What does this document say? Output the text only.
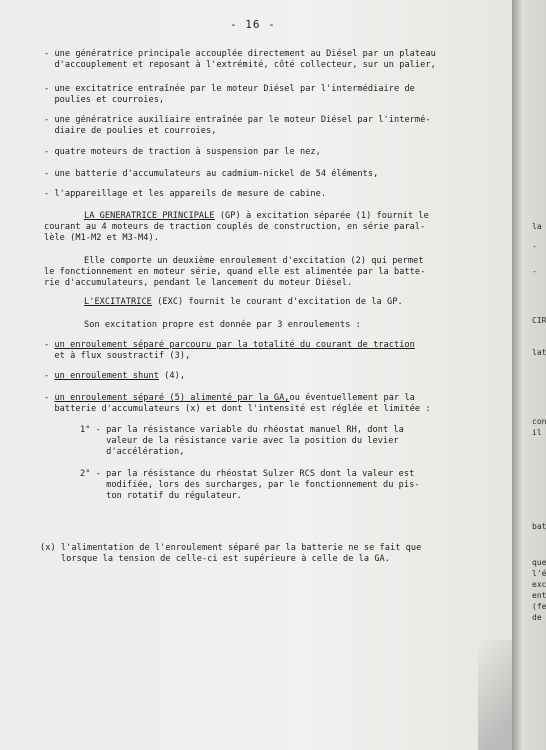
- 16 -
- une génératrice principale accouplée directement au Diésel par un plateau
d'accouplement et reposant à l'extrémité, côté collecteur, sur un palier,
- une excitatrice entraînée par le moteur Diésel par l'intermédiaire de
poulies et courroies,
- une génératrice auxiliaire entraînée par le moteur Diésel par l'intermé-
diaire de poulies et courroies,
- quatre moteurs de traction à suspension par le nez,
- une batterie d'accumulateurs au cadmium-nickel de 54 éléments,
- l'appareillage et les appareils de mesure de cabine.
LA GENERATRICE PRINCIPALE (GP) à excitation séparée (1) fournit le
courant au 4 moteurs de traction couplés de construction, en série paral-
lèle (M1-M2 et M3-M4).
Elle comporte un deuxième enroulement d'excitation (2) qui permet
le fonctionnement en moteur série, quand elle est alimentée par la batte-
rie d'accumulateurs, pendant le lancement du moteur Diésel.
L'EXCITATRICE (EXC) fournit le courant d'excitation de la GP.
Son excitation propre est donnée par 3 enroulements :
- un enroulement séparé parcouru par la totalité du courant de traction
et à flux soustractif (3),
- un enroulement shunt (4),
- un enroulement séparé (5) alimenté par la GA,ou éventuellement par la
batterie d'accumulateurs (x) et dont l'intensité est réglée et limitée :
1° - par la résistance variable du rhéostat manuel RH, dont la
valeur de la résistance varie avec la position du levier
d'accélération,
2° - par la résistance du rhéostat Sulzer RCS dont la valeur est
modifiée, lors des surcharges, par le fonctionnement du pis-
ton rotatif du régulateur.
(x) l'alimentation de l'enroulement séparé par la batterie ne se fait que
lorsque la tension de celle-ci est supérieure à celle de la GA.
la
-
-
CIR
lat
con
il
bat
que
l'é
exc
ent
(fe
de
